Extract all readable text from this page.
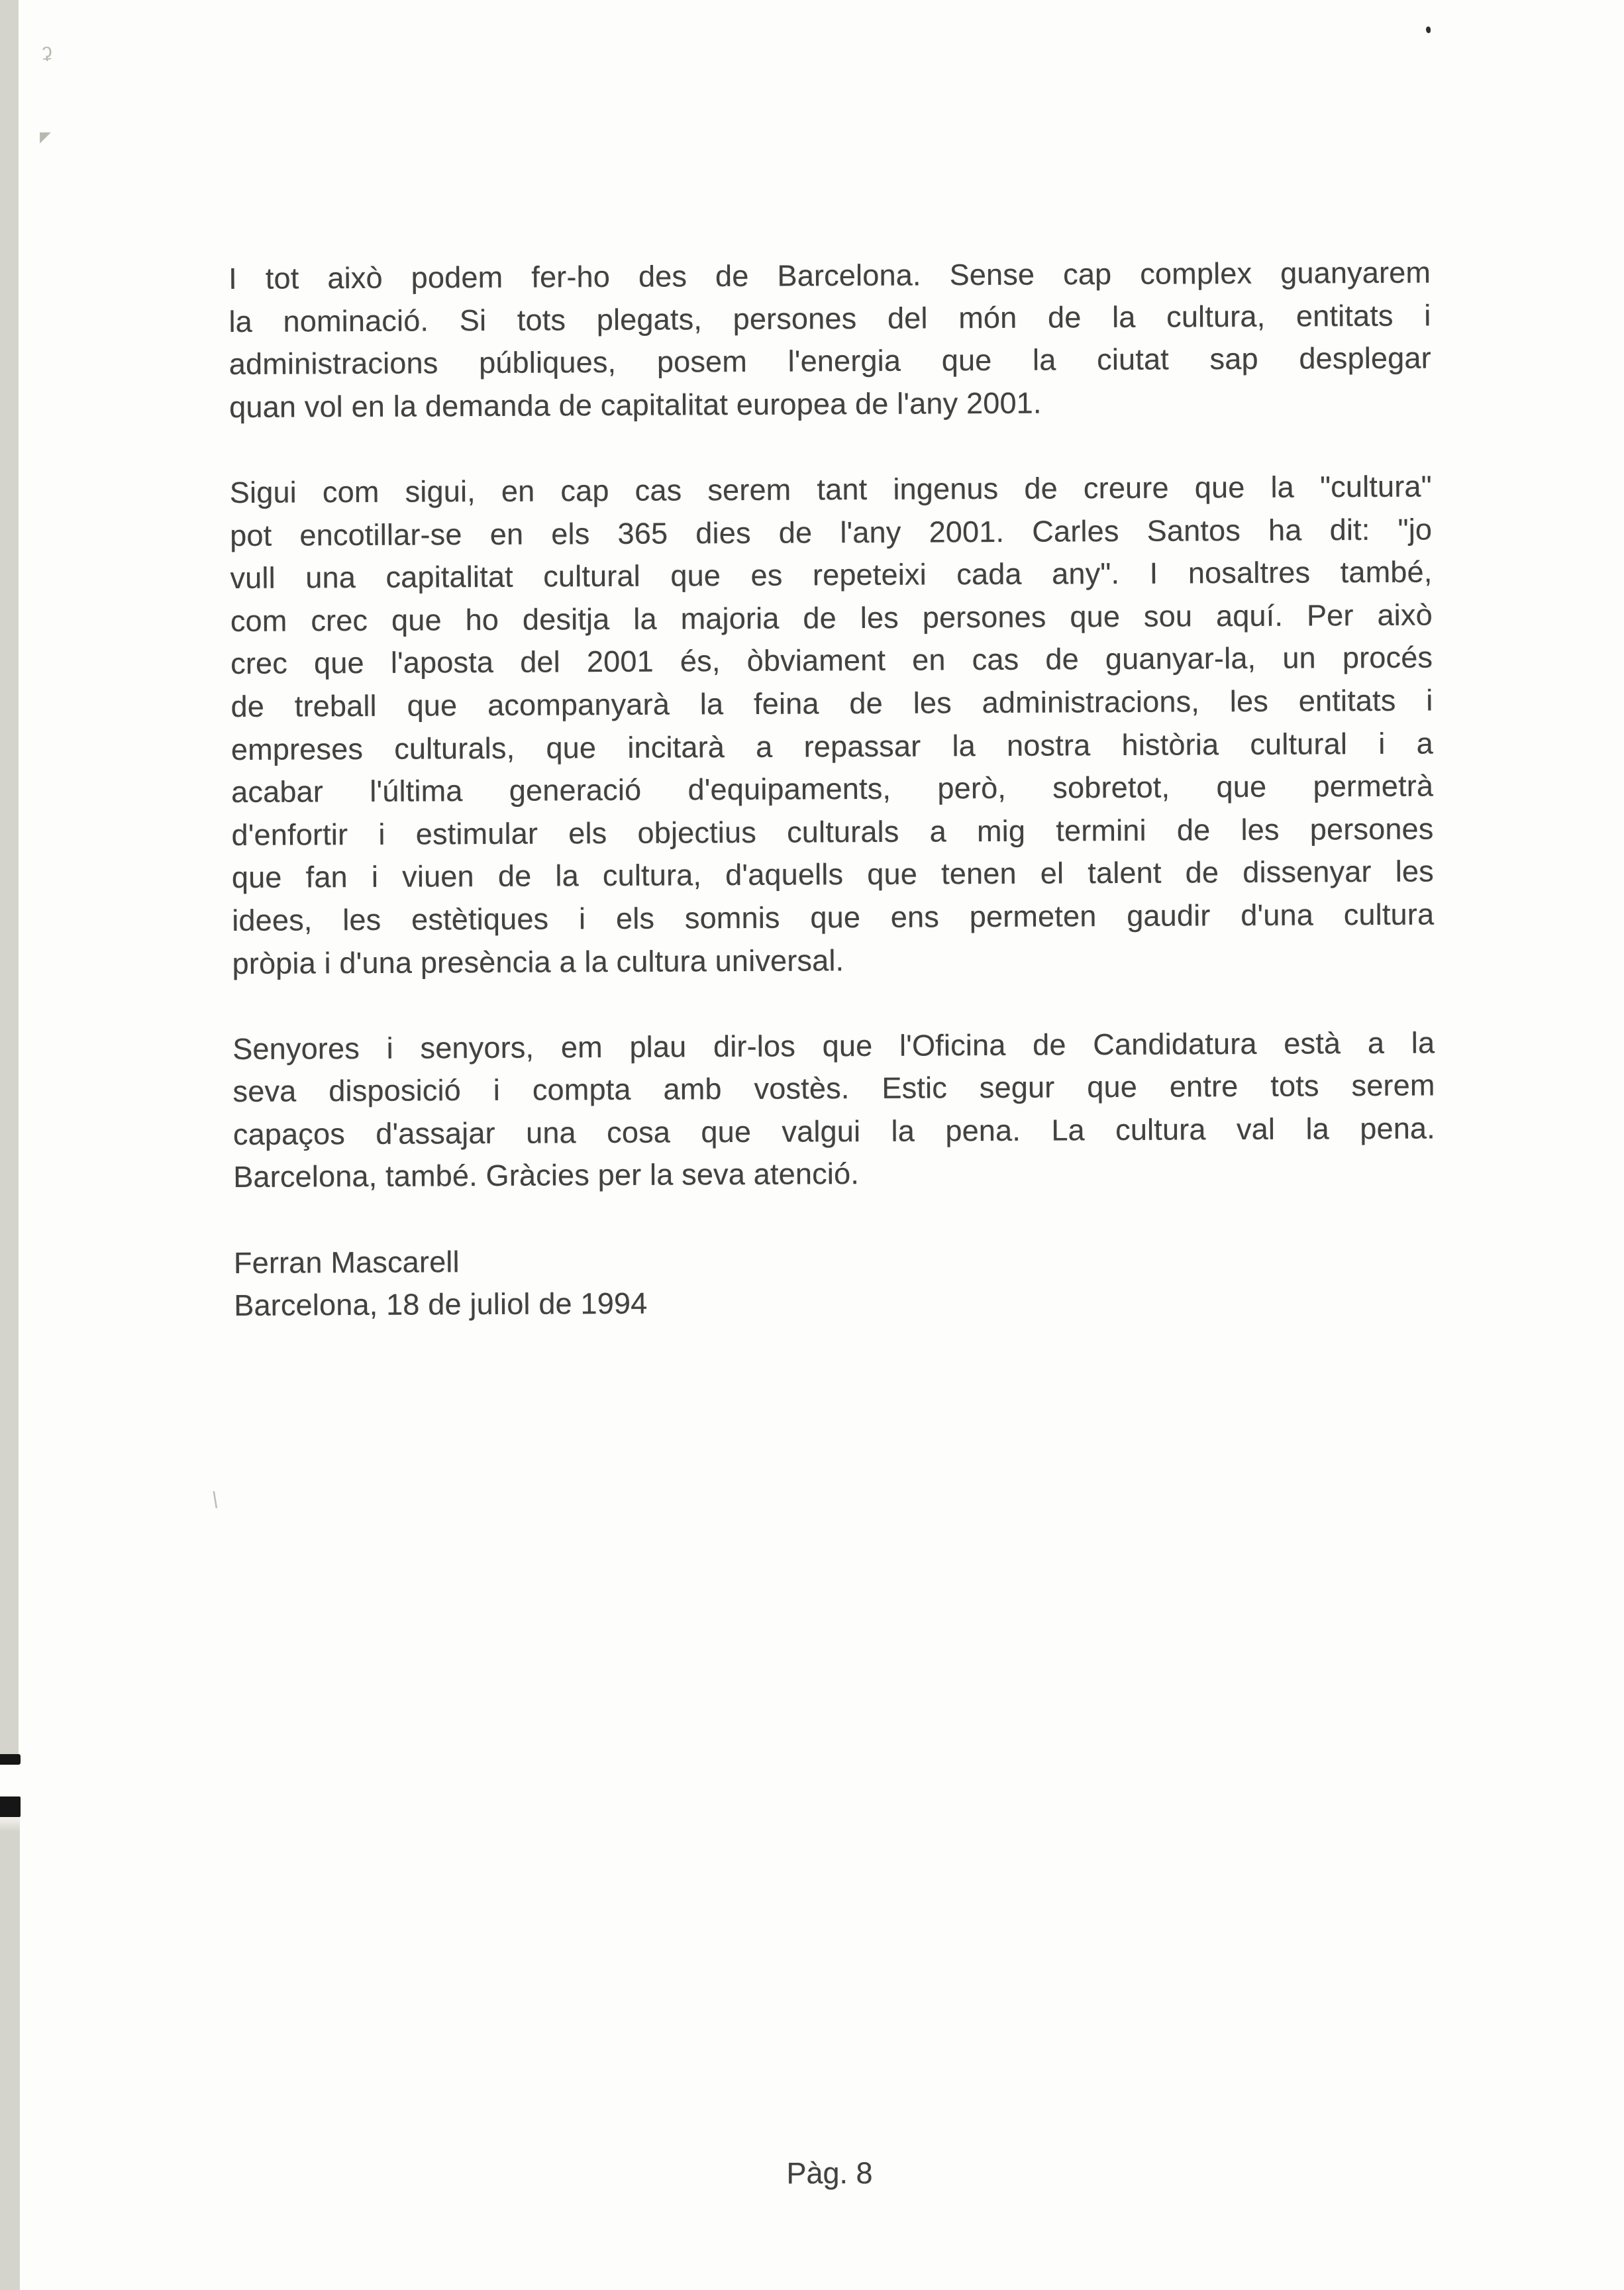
ʡ
◤
\
I tot això podem fer-ho des de Barcelona. Sense cap complex guanyarem
la nominació. Si tots plegats, persones del món de la cultura, entitats i
administracions públiques, posem l'energia que la ciutat sap desplegar
quan vol en la demanda de capitalitat europea de l'any 2001.
Sigui com sigui, en cap cas serem tant ingenus de creure que la "cultura"
pot encotillar-se en els 365 dies de l'any 2001. Carles Santos ha dit: "jo
vull una capitalitat cultural que es repeteixi cada any". I nosaltres també,
com crec que ho desitja la majoria de les persones que sou aquí. Per això
crec que l'aposta del 2001 és, òbviament en cas de guanyar-la, un procés
de treball que acompanyarà la feina de les administracions, les entitats i
empreses culturals, que incitarà a repassar la nostra història cultural i a
acabar l'última generació d'equipaments, però, sobretot, que permetrà
d'enfortir i estimular els objectius culturals a mig termini de les persones
que fan i viuen de la cultura, d'aquells que tenen el talent de dissenyar les
idees, les estètiques i els somnis que ens permeten gaudir d'una cultura
pròpia i d'una presència a la cultura universal.
Senyores i senyors, em plau dir-los que l'Oficina de Candidatura està a la
seva disposició i compta amb vostès. Estic segur que entre tots serem
capaços d'assajar una cosa que valgui la pena. La cultura val la pena.
Barcelona, també. Gràcies per la seva atenció.
Ferran Mascarell
Barcelona, 18 de juliol de 1994
Pàg. 8
